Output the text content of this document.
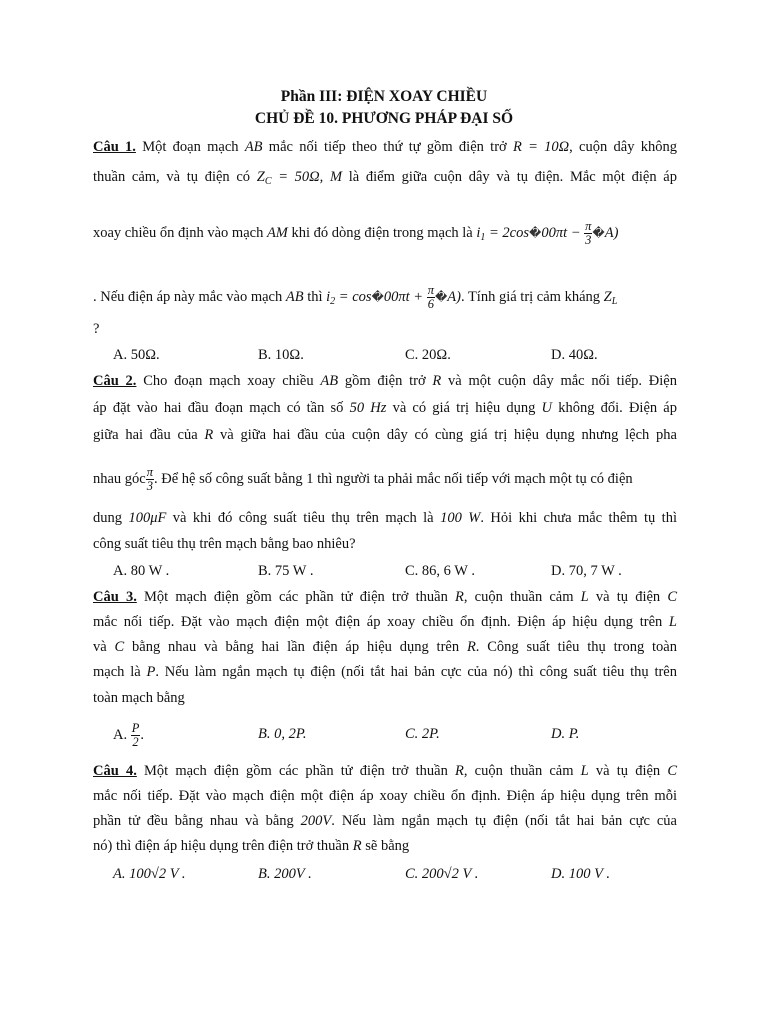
Phần III: ĐIỆN XOAY CHIỀU
CHỦ ĐỀ 10. PHƯƠNG PHÁP ĐẠI SỐ
Câu 1. Một đoạn mạch AB mắc nối tiếp theo thứ tự gồm điện trở R = 10Ω, cuộn dây không
thuần cảm, và tụ điện có $Z_C = 50\Omega$, M là điểm giữa cuộn dây và tụ điện. Mắc một điện áp
xoay chiều ổn định vào mạch AM khi đó dòng điện trong mạch là $i_1$ = 2cos�00πt − $\frac{\pi}{3}$ �A)
. Nếu điện áp này mắc vào mạch AB thì $i_2$ = cos�00πt + $\frac{\pi}{6}$ �A). Tính giá trị cảm kháng $Z_L$
?
A. 50Ω.	B. 10Ω.	C. 20Ω.	D. 40Ω.
Câu 2. Cho đoạn mạch xoay chiều AB gồm điện trở R và một cuộn dây mắc nối tiếp. Điện
áp đặt vào hai đầu đoạn mạch có tần số 50 Hz và có giá trị hiệu dụng U không đổi. Điện áp
giữa hai đầu của R và giữa hai đầu của cuộn dây có cùng giá trị hiệu dụng nhưng lệch pha
nhau góc $\frac{\pi}{3}$ . Để hệ số công suất bằng 1 thì người ta phải mắc nối tiếp với mạch một tụ có điện
dung 100μF và khi đó công suất tiêu thụ trên mạch là 100 W. Hỏi khi chưa mắc thêm tụ thì
công suất tiêu thụ trên mạch bằng bao nhiêu?
A. 80 W .	B. 75 W .	C. 86, 6 W .	D. 70, 7 W .
Câu 3. Một mạch điện gồm các phần tử điện trở thuần R, cuộn thuần cảm L và tụ điện C
mắc nối tiếp. Đặt vào mạch điện một điện áp xoay chiều ổn định. Điện áp hiệu dụng trên L
và C bằng nhau và bằng hai lần điện áp hiệu dụng trên R. Công suất tiêu thụ trong toàn
mạch là P. Nếu làm ngắn mạch tụ điện (nối tắt hai bản cực của nó) thì công suất tiêu thụ trên
toàn mạch bằng
A. $\frac{P}{2}$ .	B. 0, 2P.	C. 2P.	D. P.
Câu 4. Một mạch điện gồm các phần tử điện trở thuần R, cuộn thuần cảm L và tụ điện C
mắc nối tiếp. Đặt vào mạch điện một điện áp xoay chiều ổn định. Điện áp hiệu dụng trên mỗi
phần tử đều bằng nhau và bằng 200V. Nếu làm ngắn mạch tụ điện (nối tắt hai bản cực của
nó) thì điện áp hiệu dụng trên điện trở thuần R sẽ bằng
A. 100√2 V .	B. 200V .	C. 200√2 V .	D. 100 V .
